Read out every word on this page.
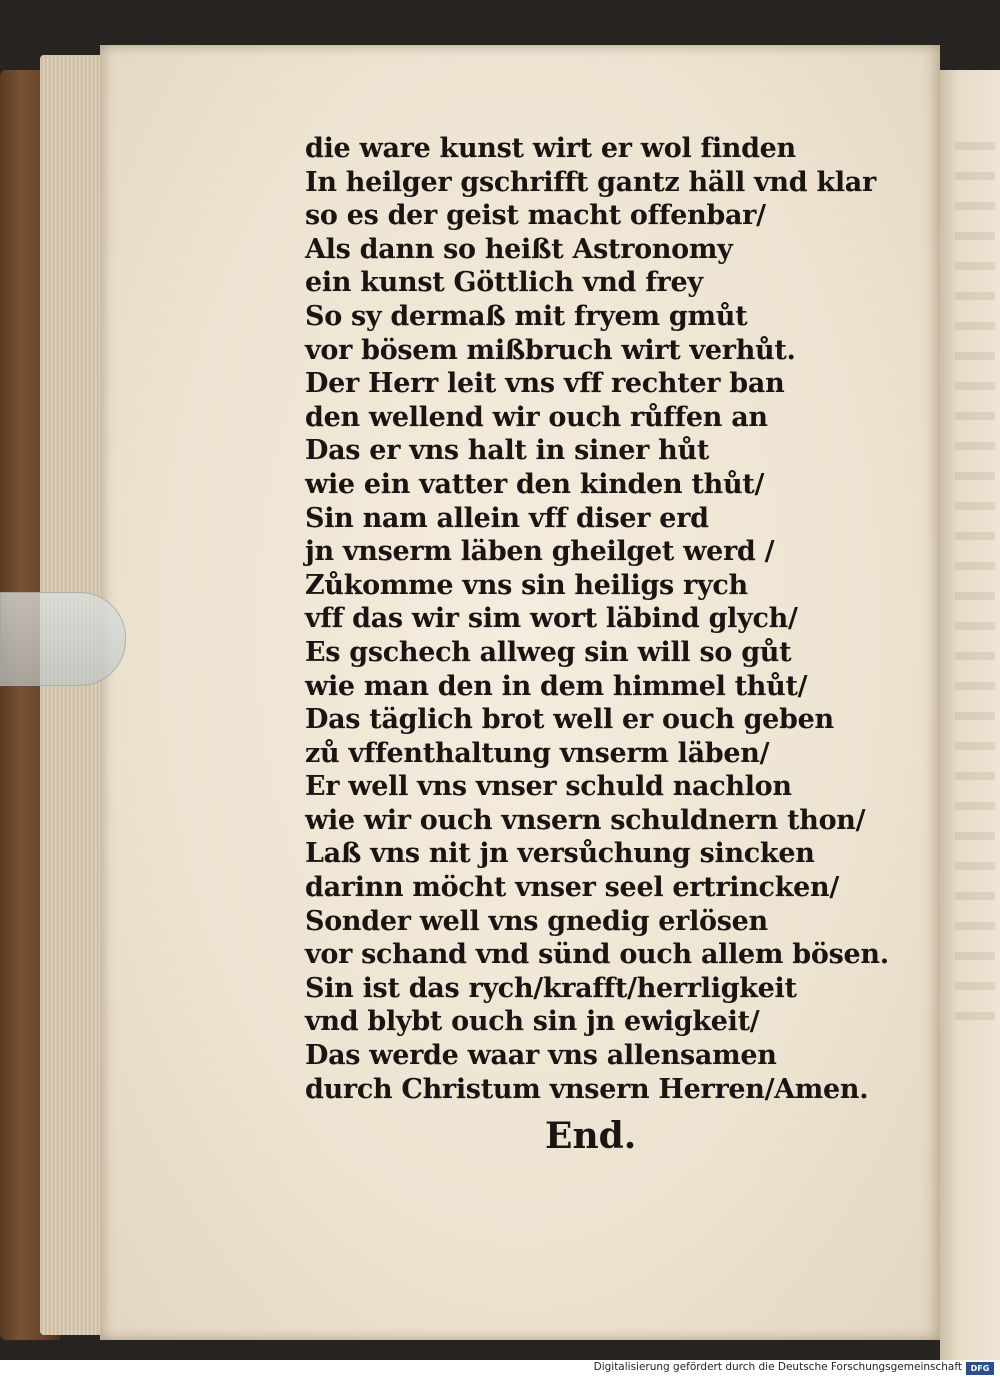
die ware kunst wirt er wol finden
In heilger gschrifft gantz häll vnd klar
so es der geist macht offenbar/
Als dann so heißt Astronomy
ein kunst Göttlich vnd frey
So sy dermaß mit fryem gmůt
vor bösem mißbruch wirt verhůt.
Der Herr leit vns vff rechter ban
den wellend wir ouch růffen an
Das er vns halt in siner hůt
wie ein vatter den kinden thůt/
Sin nam allein vff diser erd
jn vnserm läben gheilget werd /
Zůkomme vns sin heiligs rych
vff das wir sim wort läbind glych/
Es gschech allweg sin will so gůt
wie man den in dem himmel thůt/
Das täglich brot well er ouch geben
zů vffenthaltung vnserm läben/
Er well vns vnser schuld nachlon
wie wir ouch vnsern schuldnern thon/
Laß vns nit jn versůchung sincken
darinn möcht vnser seel ertrincken/
Sonder well vns gnedig erlösen
vor schand vnd sünd ouch allem bösen.
Sin ist das rych/krafft/herrligkeit
vnd blybt ouch sin jn ewigkeit/
Das werde waar vns allensamen
durch Christum vnsern Herren/Amen.
End.
Digitalisierung gefördert durch die Deutsche Forschungsgemeinschaft	DFG
